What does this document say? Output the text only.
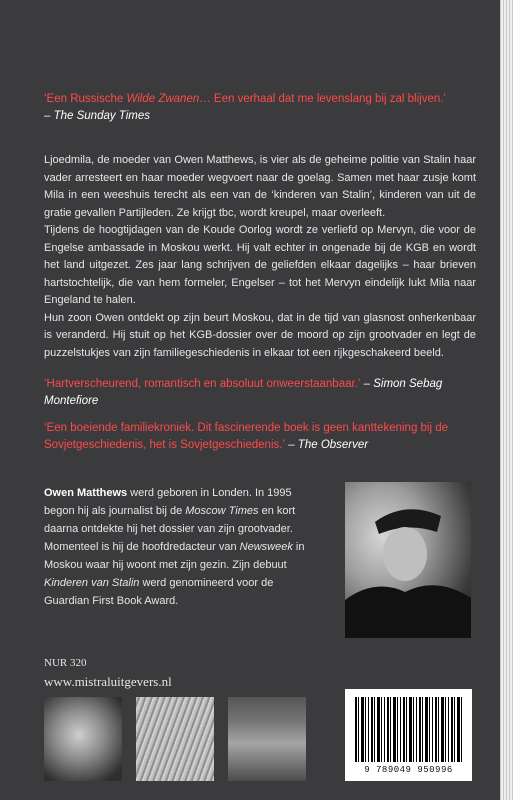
‘Een Russische Wilde Zwanen… Een verhaal dat me levenslang bij zal blijven.’
– The Sunday Times

Ljoedmila, de moeder van Owen Matthews, is vier als de geheime politie van Stalin haar vader arresteert en haar moeder wegvoert naar de goelag. Samen met haar zusje komt Mila in een weeshuis terecht als een van de ‘kinderen van Stalin’, kinderen van uit de gratie gevallen Partijleden. Ze krijgt tbc, wordt kreupel, maar overleeft.

Tijdens de hoogtijdagen van de Koude Oorlog wordt ze verliefd op Mervyn, die voor de Engelse ambassade in Moskou werkt. Hij valt echter in ongenade bij de KGB en wordt het land uitgezet. Zes jaar lang schrijven de geliefden elkaar dagelijks – haar brieven hartstochtelijk, die van hem formeler, Engelser – tot het Mervyn eindelijk lukt Mila naar Engeland te halen.

Hun zoon Owen ontdekt op zijn beurt Moskou, dat in de tijd van glasnost onherkenbaar is veranderd. Hij stuit op het KGB-dossier over de moord op zijn grootvader en legt de puzzelstukjes van zijn familiegeschiedenis in elkaar tot een rijkgeschakeerd beeld.

‘Hartverscheurend, romantisch en absoluut onweerstaanbaar.’ – Simon Sebag Montefiore
‘Een boeiende familiekroniek. Dit fascinerende boek is geen kanttekening bij de Sovjetgeschiedenis, het is Sovjetgeschiedenis.’ – The Observer
Owen Matthews werd geboren in Londen. In 1995 begon hij als journalist bij de Moscow Times en kort daarna ontdekte hij het dossier van zijn grootvader. Momenteel is hij de hoofdredacteur van Newsweek in Moskou waar hij woont met zijn gezin. Zijn debuut Kinderen van Stalin werd genomineerd voor de Guardian First Book Award.
NUR 320
www.mistraluitgevers.nl
9 789049 950996
